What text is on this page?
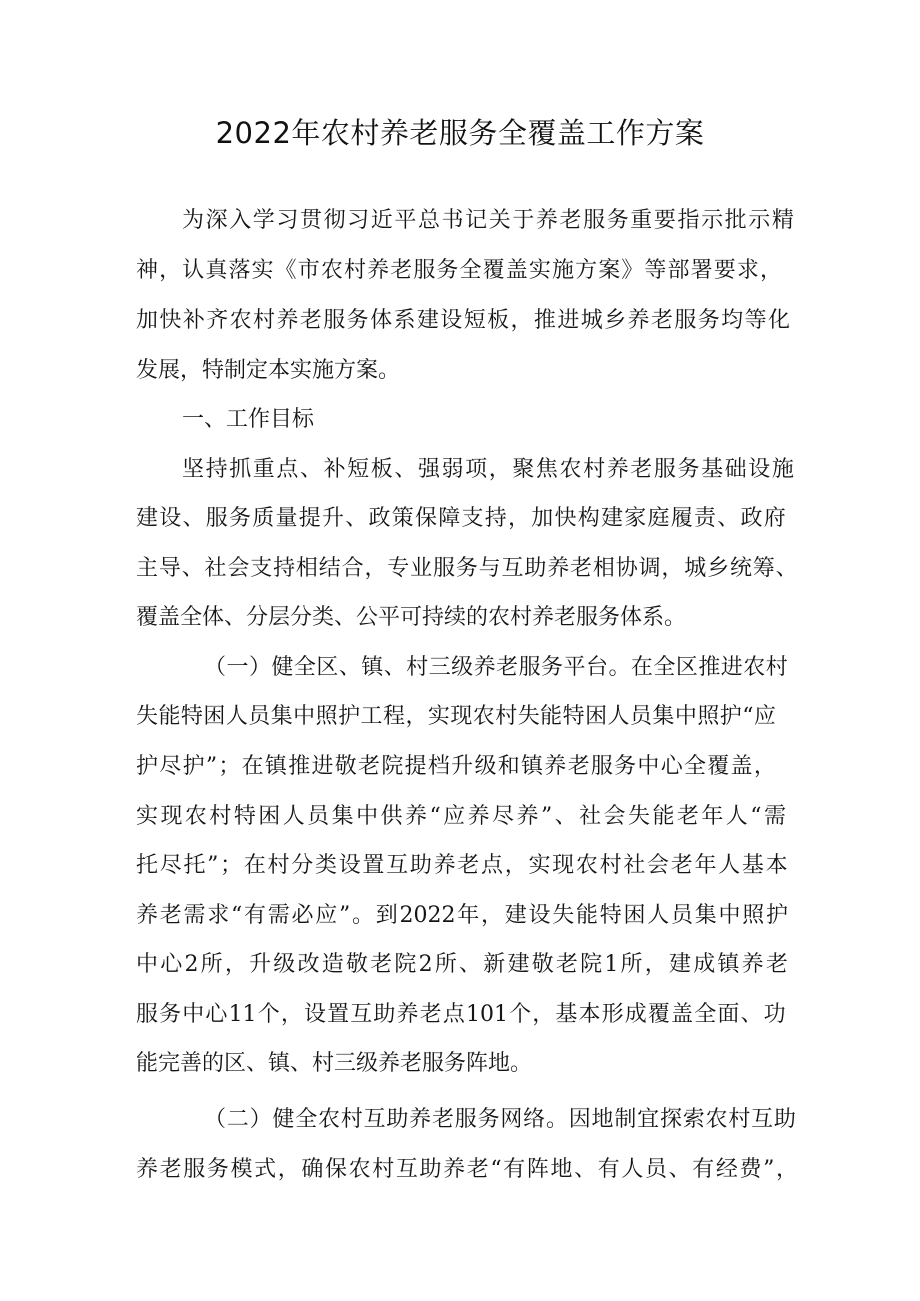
2022年农村养老服务全覆盖工作方案
为 深 入 学 习 贯 彻 习 近 平 总 书 记 关 于 养 老 服 务 重 要 指 示 批 示 精
神 ， 认 真 落 实 《 市 农 村 养 老 服 务 全 覆 盖 实 施 方 案 》 等 部 署 要 求 ，
加 快 补 齐 农 村 养 老 服 务 体 系 建 设 短 板 ， 推 进 城 乡 养 老 服 务 均 等 化
发展，特制定本实施方案。
一、工作目标
坚 持 抓 重 点 、 补 短 板 、 强 弱 项 ， 聚 焦 农 村 养 老 服 务 基 础 设 施
建 设 、 服 务 质 量 提 升 、 政 策 保 障 支 持 ， 加 快 构 建 家 庭 履 责 、 政 府
主 导 、 社 会 支 持 相 结 合 ， 专 业 服 务 与 互 助 养 老 相 协 调 ， 城 乡 统 筹 、
覆盖全体、分层分类、公平可持续的农村养老服务体系。
（ 一 ） 健 全 区 、 镇 、 村 三 级 养 老 服 务 平 台 。 在 全 区 推 进 农 村
失 能 特 困 人 员 集 中 照 护 工 程 ， 实 现 农 村 失 能 特 困 人 员 集 中 照 护 “ 应
护 尽 护 ” ； 在 镇 推 进 敬 老 院 提 档 升 级 和 镇 养 老 服 务 中 心 全 覆 盖 ，
实 现 农 村 特 困 人 员 集 中 供 养 “ 应 养 尽 养 ” 、 社 会 失 能 老 年 人 “ 需
托 尽 托 ” ； 在 村 分 类 设 置 互 助 养 老 点 ， 实 现 农 村 社 会 老 年 人 基 本
养 老 需 求 “ 有 需 必 应 ” 。 到 2022 年 ， 建 设 失 能 特 困 人 员 集 中 照 护
中 心 2 所 ， 升 级 改 造 敬 老 院 2 所 、 新 建 敬 老 院 1 所 ， 建 成 镇 养 老
服 务 中 心 11 个 ， 设 置 互 助 养 老 点 101 个 ， 基 本 形 成 覆 盖 全 面 、 功
能完善的区、镇、村三级养老服务阵地。
（ 二 ） 健 全 农 村 互 助 养 老 服 务 网 络 。 因 地 制 宜 探 索 农 村 互 助
养 老 服 务 模 式 ， 确 保 农 村 互 助 养 老 “ 有 阵 地 、 有 人 员 、 有 经 费 ” ，
